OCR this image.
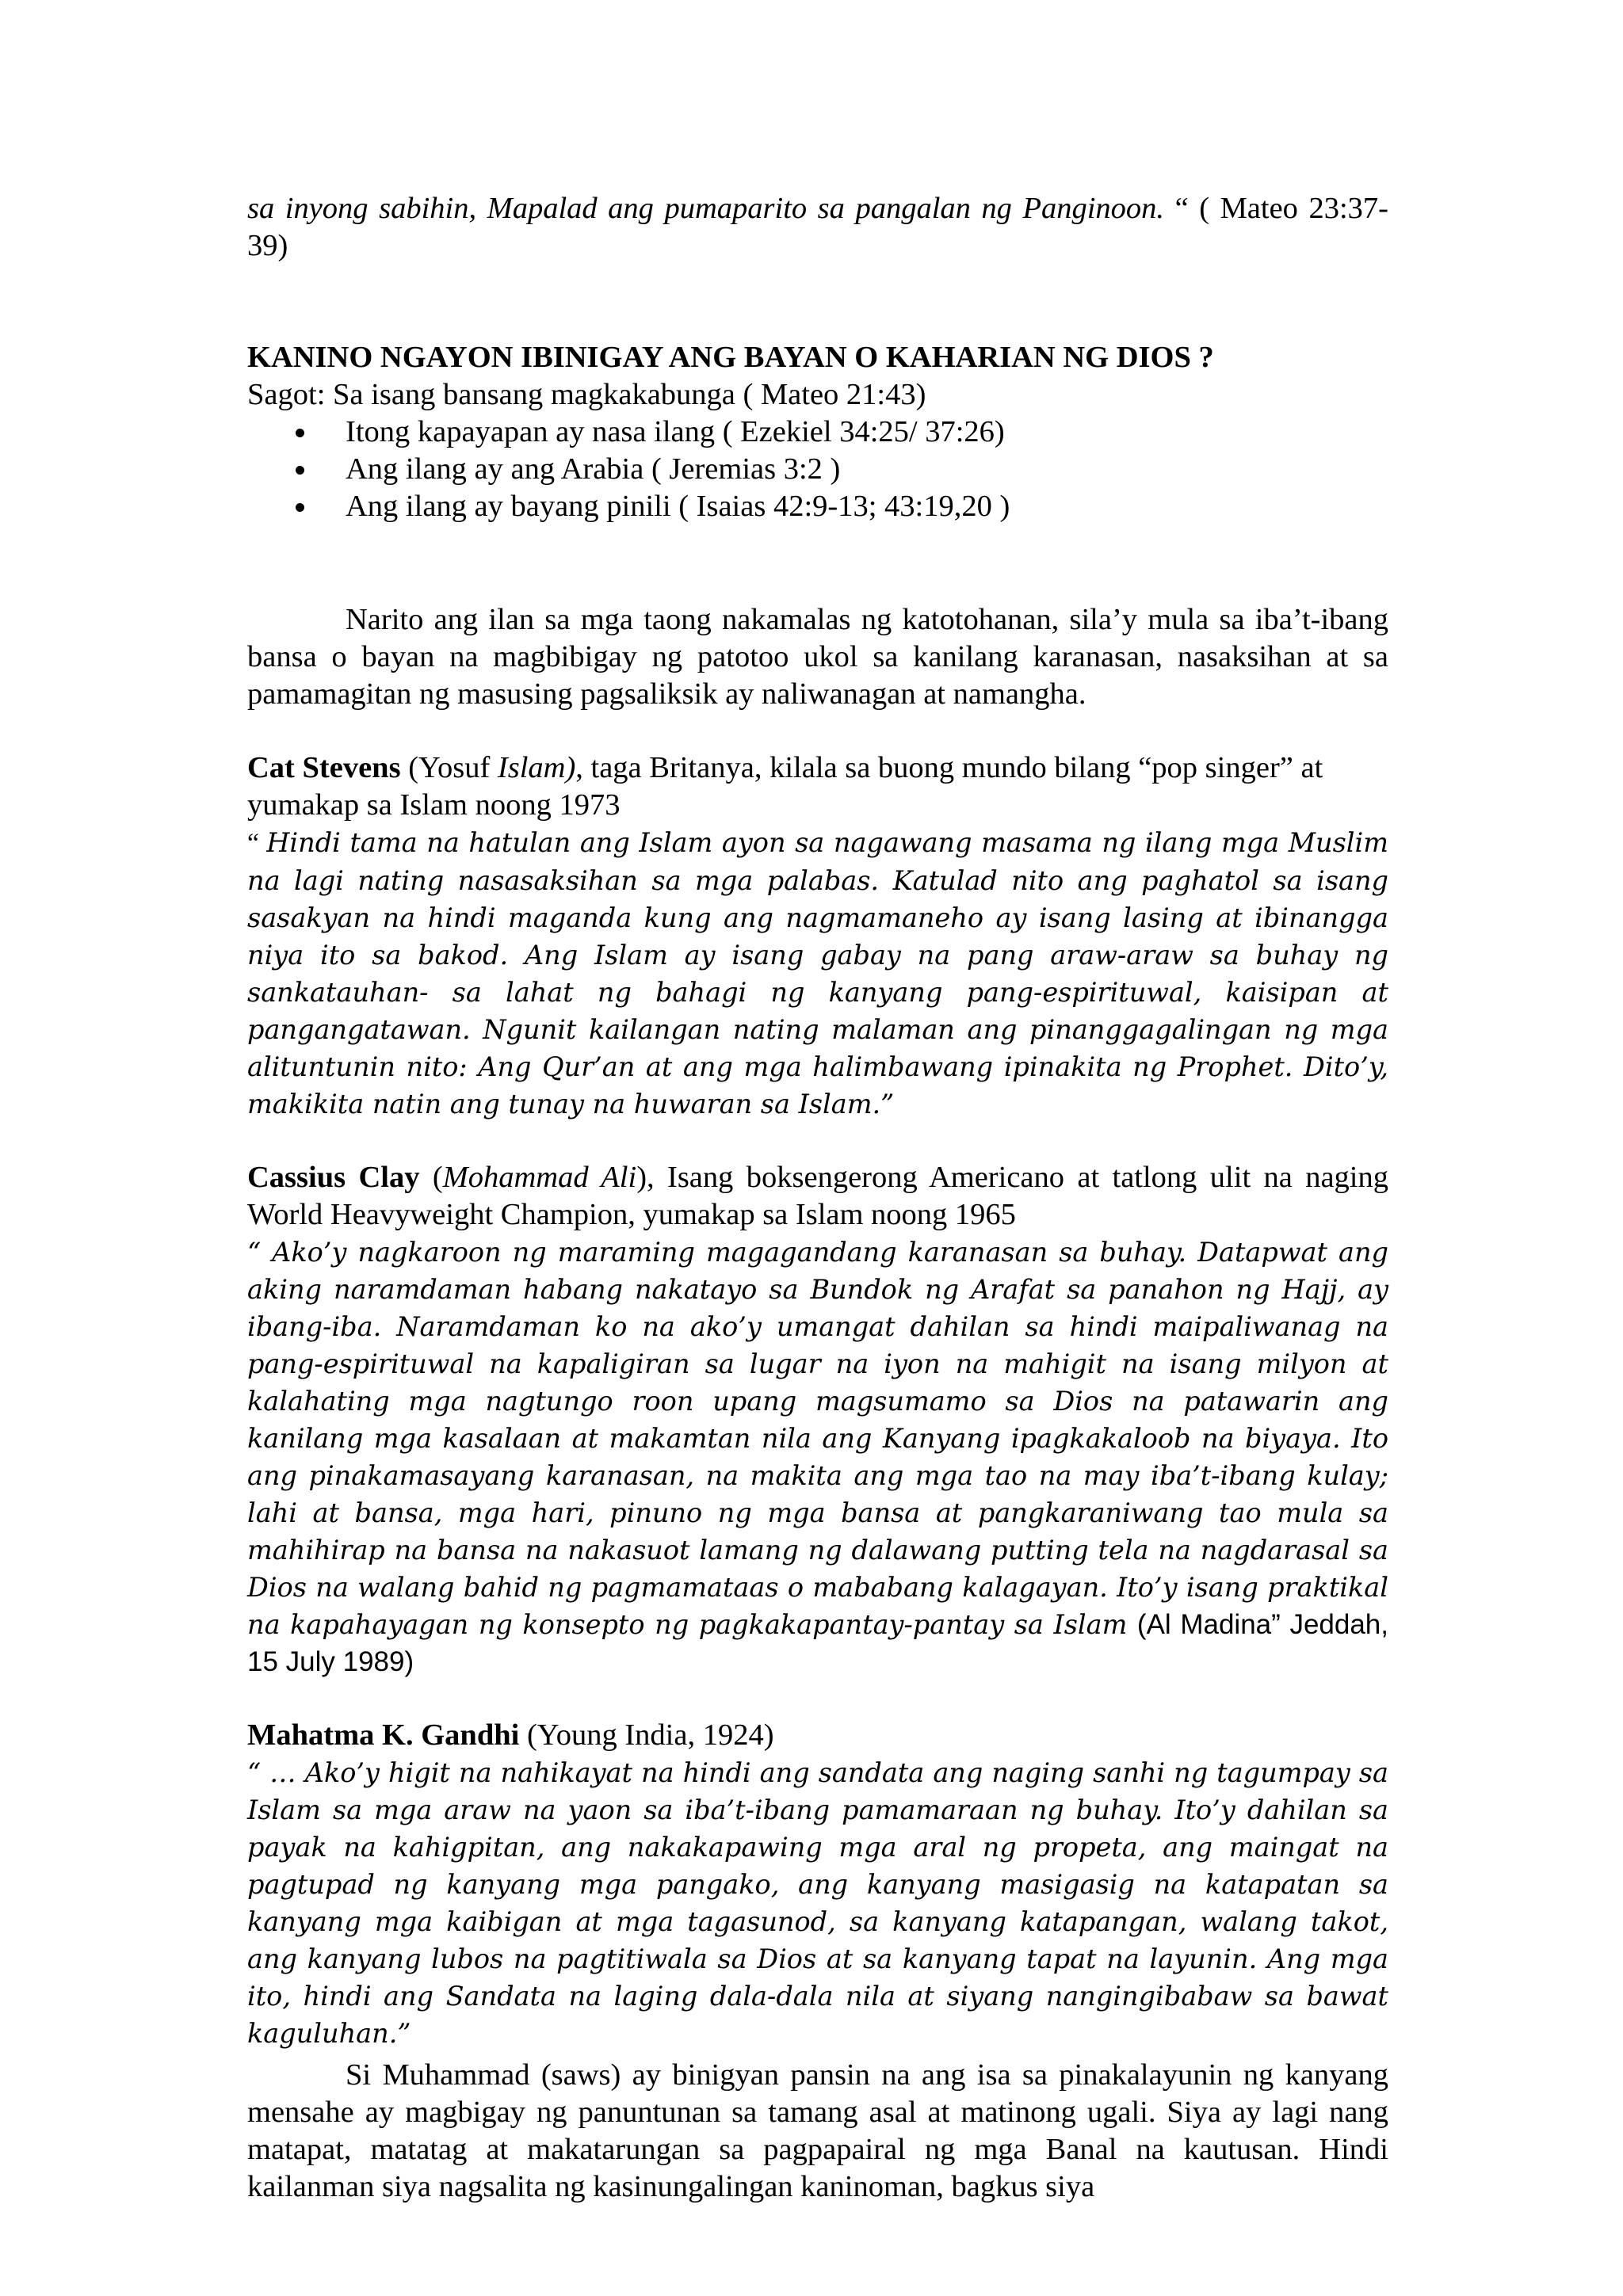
sa inyong sabihin, Mapalad ang pumaparito sa pangalan ng Panginoon. “ ( Mateo 23:37-39)

KANINO NGAYON IBINIGAY ANG BAYAN O KAHARIAN NG DIOS ?

Sagot: Sa isang bansang magkakabunga ( Mateo 21:43)

Itong kapayapan ay nasa ilang ( Ezekiel 34:25/ 37:26)
Ang ilang ay ang Arabia ( Jeremias 3:2 )
Ang ilang ay bayang pinili ( Isaias 42:9-13; 43:19,20 )

Narito ang ilan sa mga taong nakamalas ng katotohanan, sila’y mula sa iba’t-ibang bansa o bayan na magbibigay ng patotoo ukol sa kanilang karanasan, nasaksihan at sa pamamagitan ng masusing pagsaliksik ay naliwanagan at namangha.

Cat Stevens (Yosuf Islam), taga Britanya, kilala sa buong mundo bilang “pop singer” at yumakap sa Islam noong 1973

“ Hindi tama na hatulan ang Islam ayon sa nagawang masama ng ilang mga Muslim na lagi nating nasasaksihan sa mga palabas. Katulad nito ang paghatol sa isang sasakyan na hindi maganda kung ang nagmamaneho ay isang lasing at ibinangga niya ito sa bakod. Ang Islam ay isang gabay na pang araw-araw sa buhay ng sankatauhan- sa lahat ng bahagi ng kanyang pang-espirituwal, kaisipan at pangangatawan. Ngunit kailangan nating malaman ang pinanggagalingan ng mga alituntunin nito: Ang Qur’an at ang mga halimbawang ipinakita ng Prophet. Dito’y, makikita natin ang tunay na huwaran sa Islam.”

Cassius Clay (Mohammad Ali), Isang boksengerong Americano at tatlong ulit na naging World Heavyweight Champion, yumakap sa Islam noong 1965

“ Ako’y nagkaroon ng maraming magagandang karanasan sa buhay. Datapwat ang aking naramdaman habang nakatayo sa Bundok ng Arafat sa panahon ng Hajj, ay ibang-iba. Naramdaman ko na ako’y umangat dahilan sa hindi maipaliwanag na pang-espirituwal na kapaligiran sa lugar na iyon na mahigit na isang milyon at kalahating mga nagtungo roon upang magsumamo sa Dios na patawarin ang kanilang mga kasalaan at makamtan nila ang Kanyang ipagkakaloob na biyaya. Ito ang pinakamasayang karanasan, na makita ang mga tao na may iba’t-ibang kulay; lahi at bansa, mga hari, pinuno ng mga bansa at pangkaraniwang tao mula sa mahihirap na bansa na nakasuot lamang ng dalawang putting tela na nagdarasal sa Dios na walang bahid ng pagmamataas o mababang kalagayan. Ito’y isang praktikal na kapahayagan ng konsepto ng pagkakapantay-pantay sa Islam (Al Madina” Jeddah, 15 July 1989)

Mahatma K. Gandhi (Young India, 1924)

“ … Ako’y higit na nahikayat na hindi ang sandata ang naging sanhi ng tagumpay sa Islam sa mga araw na yaon sa iba’t-ibang pamamaraan ng buhay. Ito’y dahilan sa payak na kahigpitan, ang nakakapawing mga aral ng propeta, ang maingat na pagtupad ng kanyang mga pangako, ang kanyang masigasig na katapatan sa kanyang mga kaibigan at mga tagasunod, sa kanyang katapangan, walang takot, ang kanyang lubos na pagtitiwala sa Dios at sa kanyang tapat na layunin. Ang mga ito, hindi ang Sandata na laging dala-dala nila at siyang nangingibabaw sa bawat kaguluhan.”

Si Muhammad (saws) ay binigyan pansin na ang isa sa pinakalayunin ng kanyang mensahe ay magbigay ng panuntunan sa tamang asal at matinong ugali. Siya ay lagi nang matapat, matatag at makatarungan sa pagpapairal ng mga Banal na kautusan. Hindi kailanman siya nagsalita ng kasinungalingan kaninoman, bagkus siya
